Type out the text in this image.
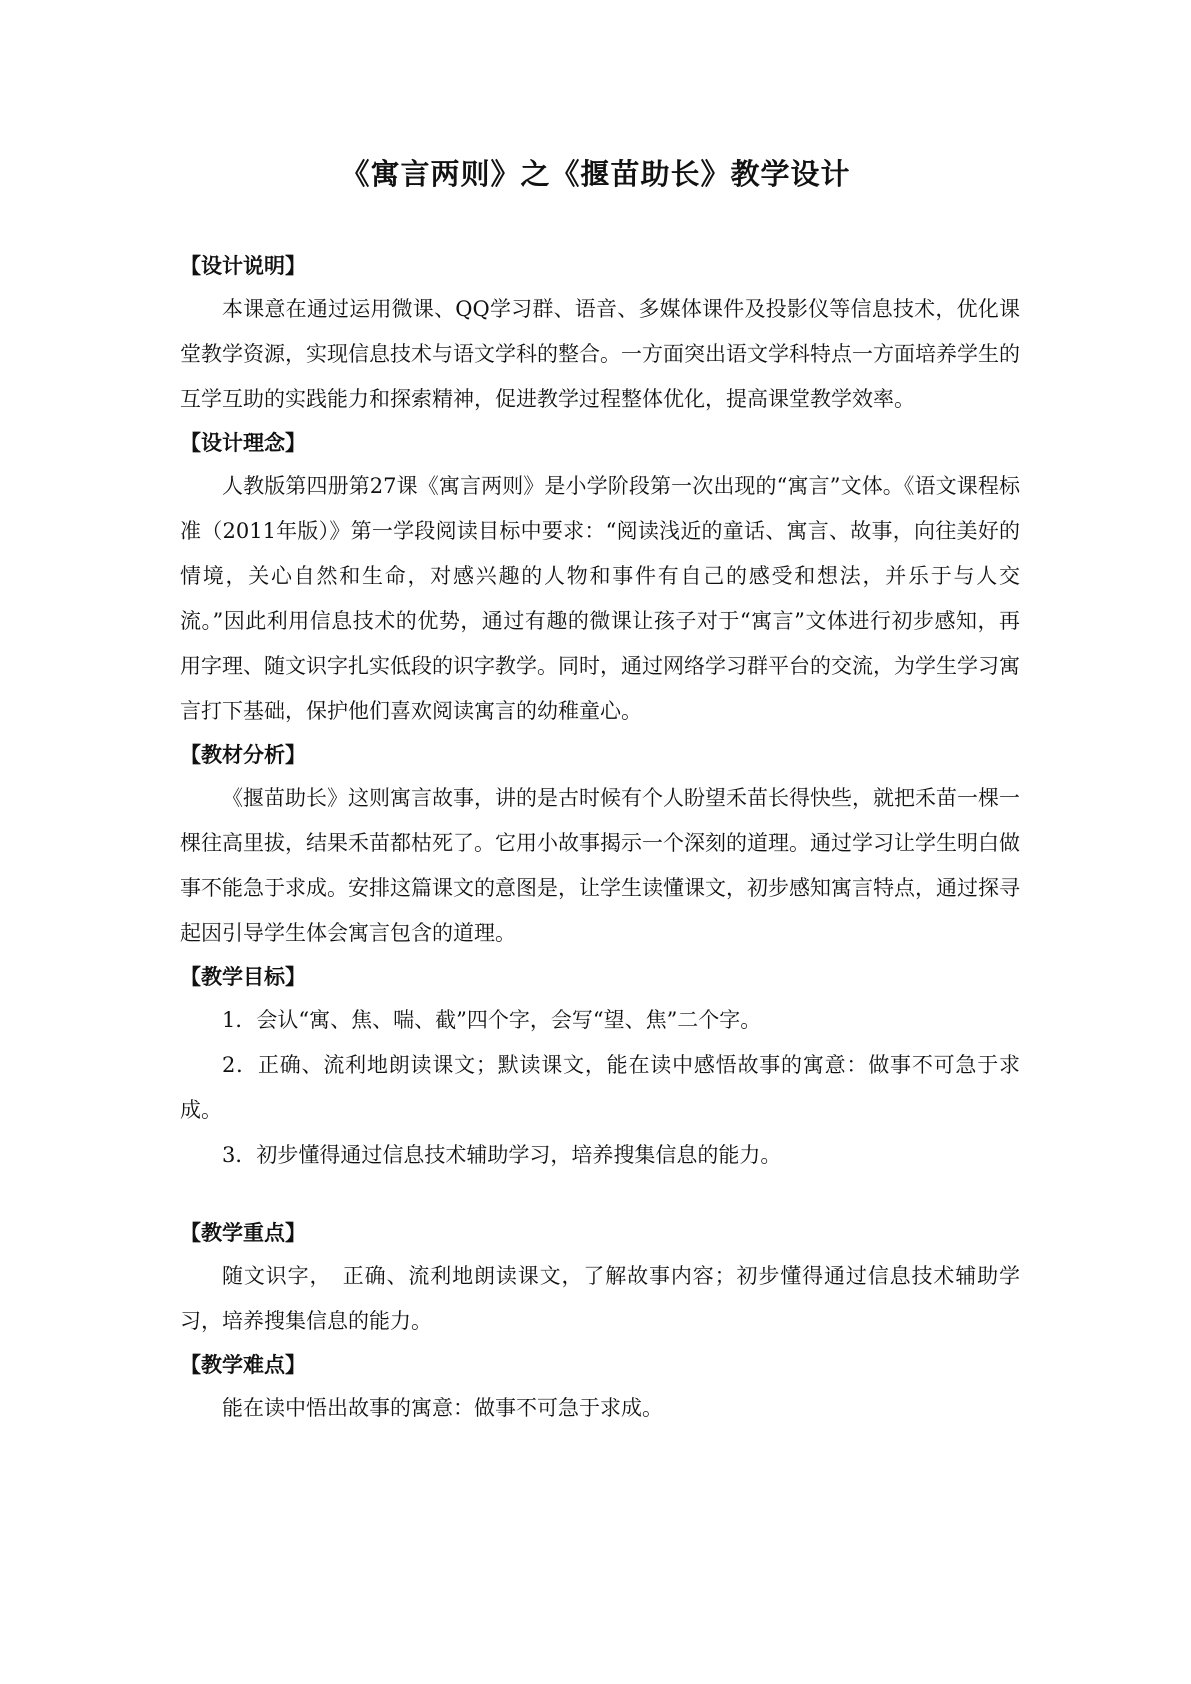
《寓言两则》之《揠苗助长》教学设计

【设计说明】

本课意在通过运用微课、QQ学习群、语音、多媒体课件及投影仪等信息技术，优化课堂教学资源，实现信息技术与语文学科的整合。一方面突出语文学科特点一方面培养学生的互学互助的实践能力和探索精神，促进教学过程整体优化，提高课堂教学效率。

【设计理念】

人教版第四册第27课《寓言两则》是小学阶段第一次出现的“寓言”文体。《语文课程标准（2011年版）》第一学段阅读目标中要求：“阅读浅近的童话、寓言、故事，向往美好的情境，关心自然和生命，对感兴趣的人物和事件有自己的感受和想法，并乐于与人交流。”因此利用信息技术的优势，通过有趣的微课让孩子对于“寓言”文体进行初步感知，再用字理、随文识字扎实低段的识字教学。同时，通过网络学习群平台的交流，为学生学习寓言打下基础，保护他们喜欢阅读寓言的幼稚童心。

【教材分析】

《揠苗助长》这则寓言故事，讲的是古时候有个人盼望禾苗长得快些，就把禾苗一棵一棵往高里拔，结果禾苗都枯死了。它用小故事揭示一个深刻的道理。通过学习让学生明白做事不能急于求成。安排这篇课文的意图是，让学生读懂课文，初步感知寓言特点，通过探寻起因引导学生体会寓言包含的道理。

【教学目标】

1．会认“寓、焦、喘、截”四个字，会写“望、焦”二个字。

2．正确、流利地朗读课文；默读课文，能在读中感悟故事的寓意：做事不可急于求成。

3．初步懂得通过信息技术辅助学习，培养搜集信息的能力。

【教学重点】

随文识字，　正确、流利地朗读课文，了解故事内容；初步懂得通过信息技术辅助学习，培养搜集信息的能力。

【教学难点】

能在读中悟出故事的寓意：做事不可急于求成。
